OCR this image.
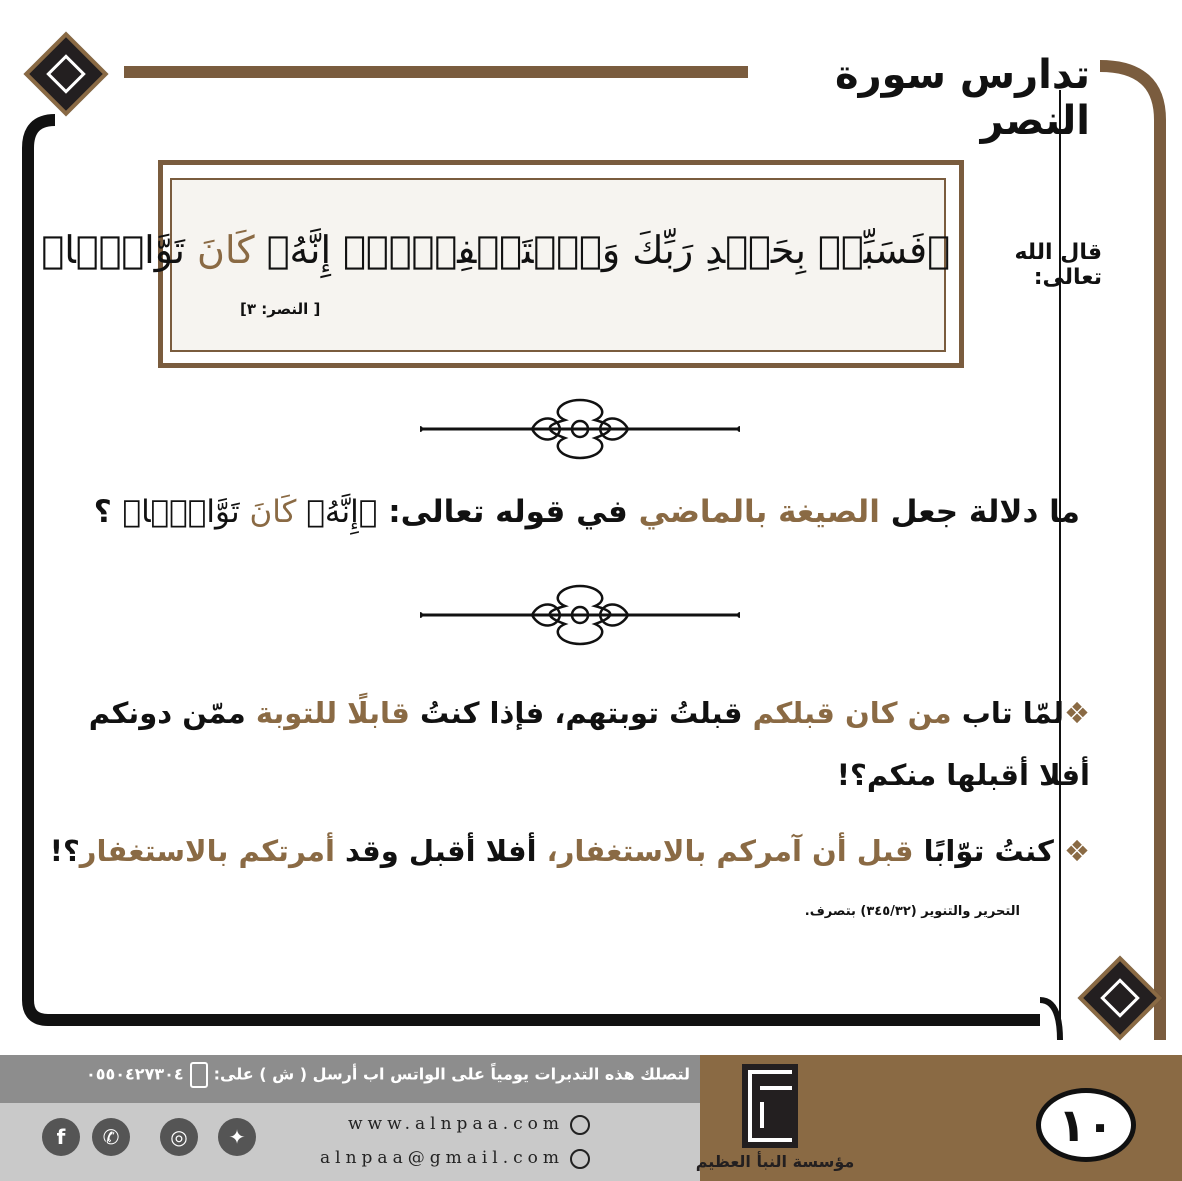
تدارس سورة النصر
قال الله تعالى:
﴿فَسَبِّحۡ بِحَمۡدِ رَبِّكَ وَٱسۡتَغۡفِرۡهُۚ إِنَّهُۥ كَانَ تَوَّابَۢا﴾
[ النصر: ٣]
ما دلالة جعل الصيغة بالماضي في قوله تعالى: ﴿إِنَّهُۥ كَانَ تَوَّابَۢا﴾ ؟
❖لمّا تاب من كان قبلكم قبلتُ توبتهم، فإذا كنتُ قابلًا للتوبة ممّن دونكم أفلا أقبلها منكم؟!
❖ كنتُ توّابًا قبل أن آمركم بالاستغفار، أفلا أقبل وقد أمرتكم بالاستغفار؟!
التحرير والتنوير (٣٤٥/٣٢) بتصرف.
لتصلك هذه التدبرات يومياً على الواتس اب أرسل ( ش ) على:٠٥٥٠٤٢٧٣٠٤
f	✆	◎	✦
www.alnpaa.com
alnpaa@gmail.com	مؤسسة النبأ العظيم
١٠
